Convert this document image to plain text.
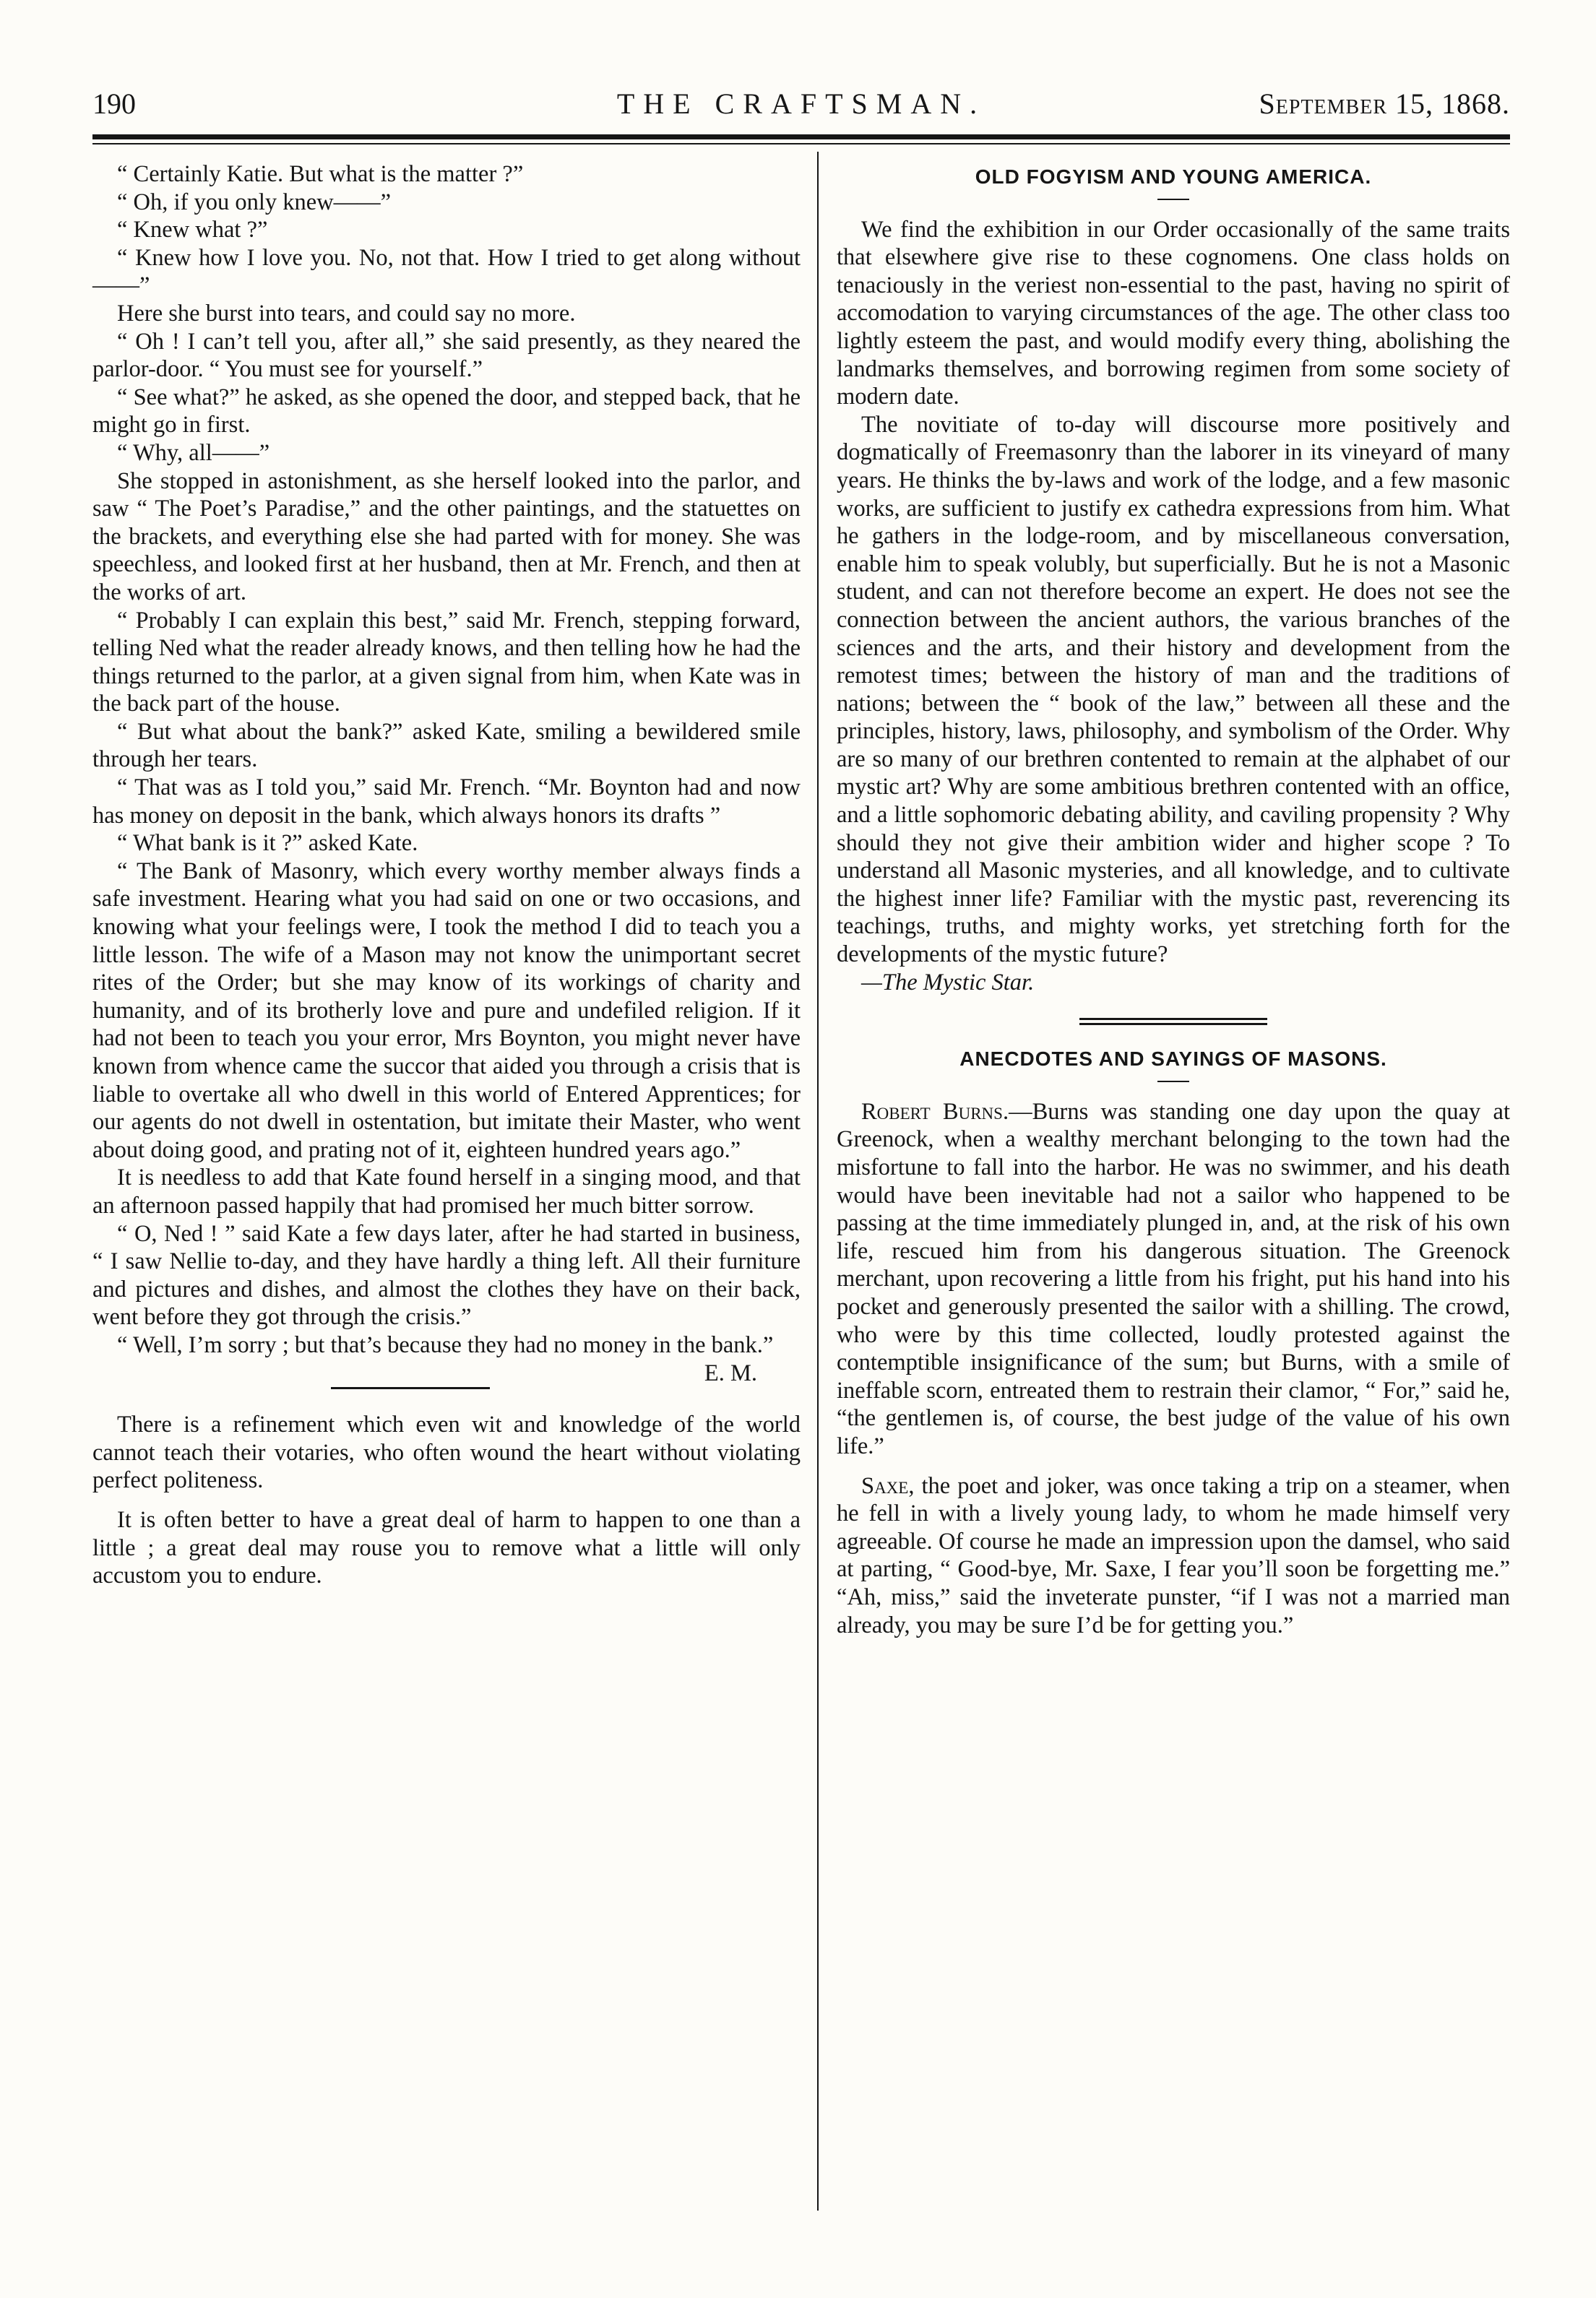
190	THE CRAFTSMAN.	September 15, 1868.

“ Certainly Katie. But what is the matter ?”

“ Oh, if you only knew——”

“ Knew what ?”

“ Knew how I love you. No, not that. How I tried to get along without——”

Here she burst into tears, and could say no more.

“ Oh ! I can’t tell you, after all,” she said presently, as they neared the parlor-door. “ You must see for yourself.”

“ See what?” he asked, as she opened the door, and stepped back, that he might go in first.

“ Why, all——”

She stopped in astonishment, as she herself looked into the parlor, and saw “ The Poet’s Paradise,” and the other paintings, and the statuettes on the brackets, and everything else she had parted with for money. She was speechless, and looked first at her husband, then at Mr. French, and then at the works of art.

“ Probably I can explain this best,” said Mr. French, stepping forward, telling Ned what the reader already knows, and then telling how he had the things returned to the parlor, at a given signal from him, when Kate was in the back part of the house.

“ But what about the bank?” asked Kate, smiling a bewildered smile through her tears.

“ That was as I told you,” said Mr. French. “Mr. Boynton had and now has money on deposit in the bank, which always honors its drafts ”

“ What bank is it ?” asked Kate.

“ The Bank of Masonry, which every worthy member always finds a safe investment. Hearing what you had said on one or two occasions, and knowing what your feelings were, I took the method I did to teach you a little lesson. The wife of a Mason may not know the unimportant secret rites of the Order; but she may know of its workings of charity and humanity, and of its brotherly love and pure and undefiled religion. If it had not been to teach you your error, Mrs Boynton, you might never have known from whence came the succor that aided you through a crisis that is liable to overtake all who dwell in this world of Entered Apprentices; for our agents do not dwell in ostentation, but imitate their Master, who went about doing good, and prating not of it, eighteen hundred years ago.”

It is needless to add that Kate found herself in a singing mood, and that an afternoon passed happily that had promised her much bitter sorrow.

“ O, Ned ! ” said Kate a few days later, after he had started in business, “ I saw Nellie to-day, and they have hardly a thing left. All their furniture and pictures and dishes, and almost the clothes they have on their back, went before they got through the crisis.”

“ Well, I’m sorry ; but that’s because they had no money in the bank.”
E. M.

There is a refinement which even wit and knowledge of the world cannot teach their votaries, who often wound the heart without violating perfect politeness.

It is often better to have a great deal of harm to happen to one than a little ; a great deal may rouse you to remove what a little will only accustom you to endure.

OLD FOGYISM AND YOUNG AMERICA.

We find the exhibition in our Order occasionally of the same traits that elsewhere give rise to these cognomens. One class holds on tenaciously in the veriest non-essential to the past, having no spirit of accomodation to varying circumstances of the age. The other class too lightly esteem the past, and would modify every thing, abolishing the landmarks themselves, and borrowing regimen from some society of modern date.

The novitiate of to-day will discourse more positively and dogmatically of Freemasonry than the laborer in its vineyard of many years. He thinks the by-laws and work of the lodge, and a few masonic works, are sufficient to justify ex cathedra expressions from him. What he gathers in the lodge-room, and by miscellaneous conversation, enable him to speak volubly, but superficially. But he is not a Masonic student, and can not therefore become an expert. He does not see the connection between the ancient authors, the various branches of the sciences and the arts, and their history and development from the remotest times; between the history of man and the traditions of nations; between the “ book of the law,” between all these and the principles, history, laws, philosophy, and symbolism of the Order. Why are so many of our brethren contented to remain at the alphabet of our mystic art? Why are some ambitious brethren contented with an office, and a little sophomoric debating ability, and caviling propensity ? Why should they not give their ambition wider and higher scope ? To understand all Masonic mysteries, and all knowledge, and to cultivate the highest inner life? Familiar with the mystic past, reverencing its teachings, truths, and mighty works, yet stretching forth for the developments of the mystic future?

—The Mystic Star.

ANECDOTES AND SAYINGS OF MASONS.

Robert Burns.—Burns was standing one day upon the quay at Greenock, when a wealthy merchant belonging to the town had the misfortune to fall into the harbor. He was no swimmer, and his death would have been inevitable had not a sailor who happened to be passing at the time immediately plunged in, and, at the risk of his own life, rescued him from his dangerous situation. The Greenock merchant, upon recovering a little from his fright, put his hand into his pocket and generously presented the sailor with a shilling. The crowd, who were by this time collected, loudly protested against the contemptible insignificance of the sum; but Burns, with a smile of ineffable scorn, entreated them to restrain their clamor, “ For,” said he, “the gentlemen is, of course, the best judge of the value of his own life.”

Saxe, the poet and joker, was once taking a trip on a steamer, when he fell in with a lively young lady, to whom he made himself very agreeable. Of course he made an impression upon the damsel, who said at parting, “ Good-bye, Mr. Saxe, I fear you’ll soon be forgetting me.” “Ah, miss,” said the inveterate punster, “if I was not a married man already, you may be sure I’d be for getting you.”
